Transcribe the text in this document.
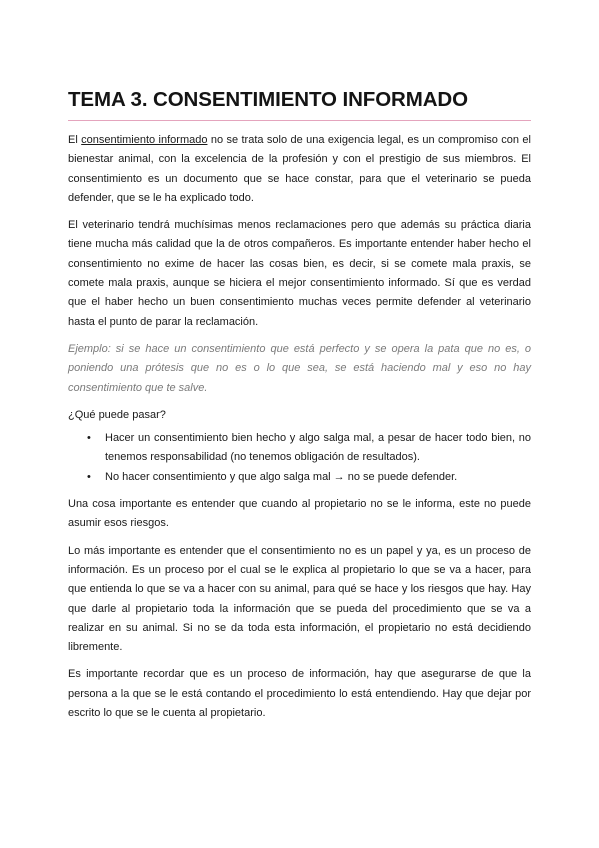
TEMA 3. CONSENTIMIENTO INFORMADO

El consentimiento informado no se trata solo de una exigencia legal, es un compromiso con el bienestar animal, con la excelencia de la profesión y con el prestigio de sus miembros. El consentimiento es un documento que se hace constar, para que el veterinario se pueda defender, que se le ha explicado todo.

El veterinario tendrá muchísimas menos reclamaciones pero que además su práctica diaria tiene mucha más calidad que la de otros compañeros. Es importante entender haber hecho el consentimiento no exime de hacer las cosas bien, es decir, si se comete mala praxis, se comete mala praxis, aunque se hiciera el mejor consentimiento informado. Sí que es verdad que el haber hecho un buen consentimiento muchas veces permite defender al veterinario hasta el punto de parar la reclamación.

Ejemplo: si se hace un consentimiento que está perfecto y se opera la pata que no es, o poniendo una prótesis que no es o lo que sea, se está haciendo mal y eso no hay consentimiento que te salve.

¿Qué puede pasar?

• Hacer un consentimiento bien hecho y algo salga mal, a pesar de hacer todo bien, no tenemos responsabilidad (no tenemos obligación de resultados).
• No hacer consentimiento y que algo salga mal → no se puede defender.

Una cosa importante es entender que cuando al propietario no se le informa, este no puede asumir esos riesgos.

Lo más importante es entender que el consentimiento no es un papel y ya, es un proceso de información. Es un proceso por el cual se le explica al propietario lo que se va a hacer, para que entienda lo que se va a hacer con su animal, para qué se hace y los riesgos que hay. Hay que darle al propietario toda la información que se pueda del procedimiento que se va a realizar en su animal. Si no se da toda esta información, el propietario no está decidiendo libremente.

Es importante recordar que es un proceso de información, hay que asegurarse de que la persona a la que se le está contando el procedimiento lo está entendiendo. Hay que dejar por escrito lo que se le cuenta al propietario.
